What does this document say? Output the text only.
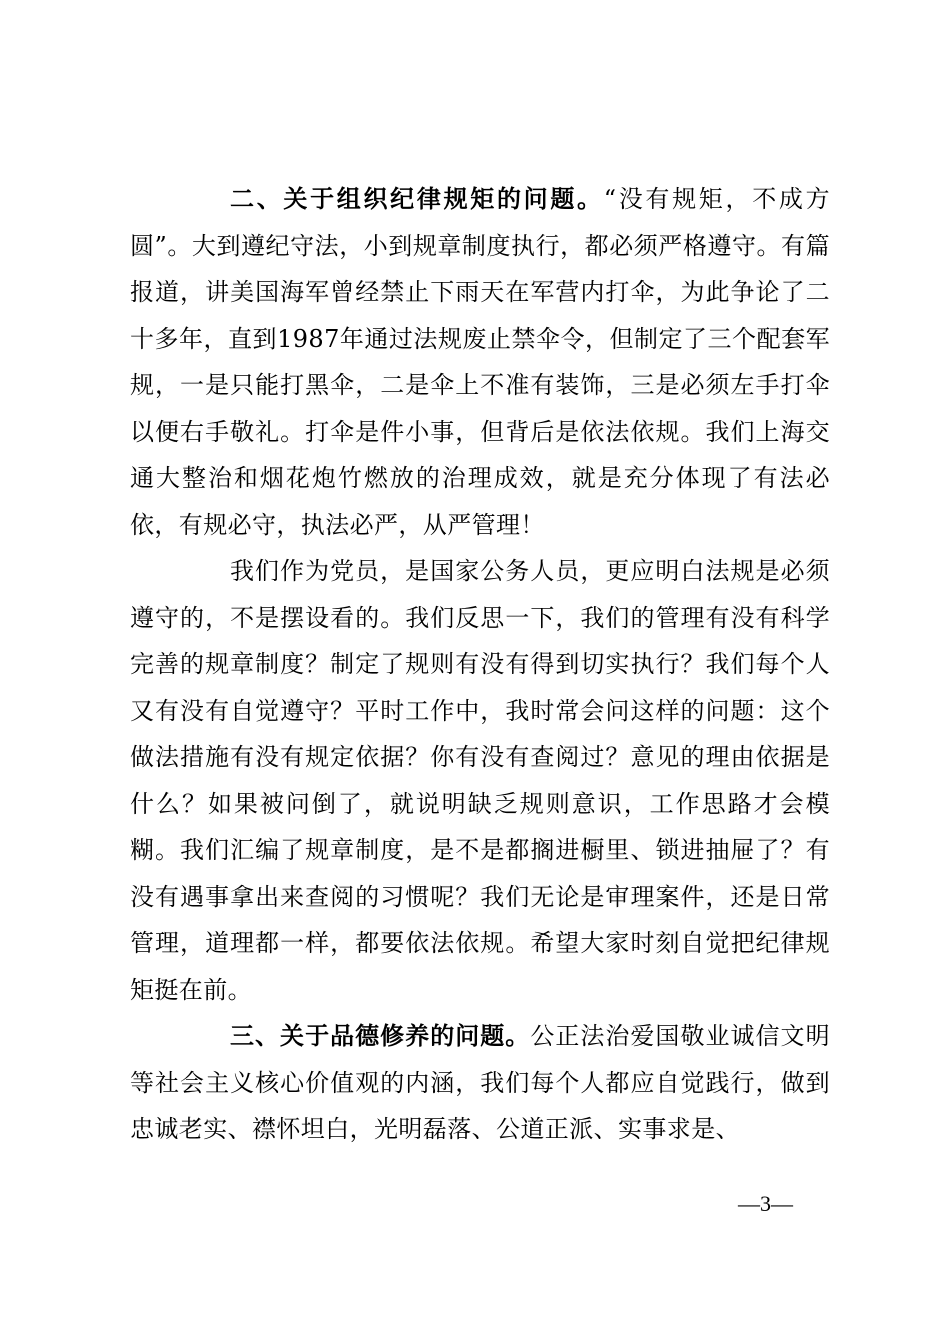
二、关于组织纪律规矩的问题。“没有规矩，不成方圆”。大到遵纪守法，小到规章制度执行，都必须严格遵守。有篇报道，讲美国海军曾经禁止下雨天在军营内打伞，为此争论了二十多年，直到1987年通过法规废止禁伞令，但制定了三个配套军规，一是只能打黑伞，二是伞上不准有装饰，三是必须左手打伞以便右手敬礼。打伞是件小事，但背后是依法依规。我们上海交通大整治和烟花炮竹燃放的治理成效，就是充分体现了有法必依，有规必守，执法必严，从严管理！

我们作为党员，是国家公务人员，更应明白法规是必须遵守的，不是摆设看的。我们反思一下，我们的管理有没有科学完善的规章制度？制定了规则有没有得到切实执行？我们每个人又有没有自觉遵守？平时工作中，我时常会问这样的问题：这个做法措施有没有规定依据？你有没有查阅过？意见的理由依据是什么？如果被问倒了，就说明缺乏规则意识，工作思路才会模糊。我们汇编了规章制度，是不是都搁进橱里、锁进抽屉了？有没有遇事拿出来查阅的习惯呢？我们无论是审理案件，还是日常管理，道理都一样，都要依法依规。希望大家时刻自觉把纪律规矩挺在前。

三、关于品德修养的问题。公正法治爱国敬业诚信文明等社会主义核心价值观的内涵，我们每个人都应自觉践行，做到忠诚老实、襟怀坦白，光明磊落、公道正派、实事求是、

—3—
